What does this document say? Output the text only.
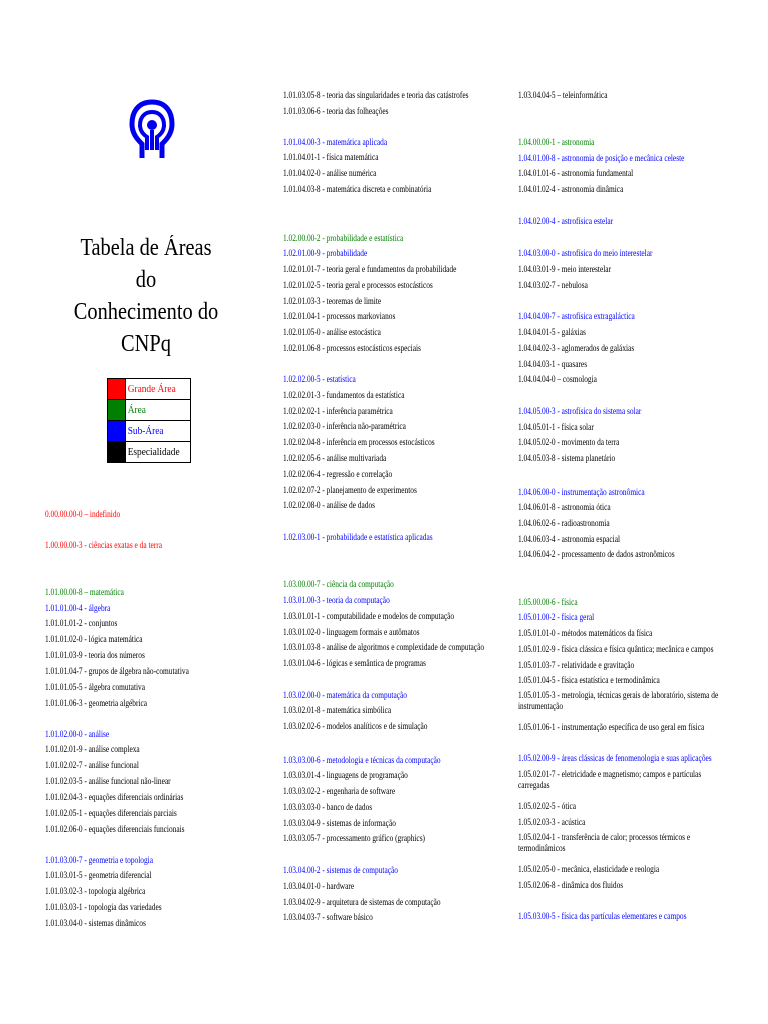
Tabela de Áreas do
Conhecimento do CNPq
Grande Área
Área
Sub-Área
Especialidade
0.00.00.00-0 – indefinido
1.00.00.00-3 - ciências exatas e da terra
1.01.00.00-8 – matemática
1.01.01.00-4 - álgebra
1.01.01.01-2 - conjuntos
1.01.01.02-0 - lógica matemática
1.01.01.03-9 - teoria dos números
1.01.01.04-7 - grupos de álgebra não-comutativa
1.01.01.05-5 - álgebra comutativa
1.01.01.06-3 - geometria algébrica
1.01.02.00-0 - análise
1.01.02.01-9 - análise complexa
1.01.02.02-7 - análise funcional
1.01.02.03-5 - análise funcional não-linear
1.01.02.04-3 - equações diferenciais ordinárias
1.01.02.05-1 - equações diferenciais parciais
1.01.02.06-0 - equações diferenciais funcionais
1.01.03.00-7 - geometria e topologia
1.01.03.01-5 - geometria diferencial
1.01.03.02-3 - topologia algébrica
1.01.03.03-1 - topologia das variedades
1.01.03.04-0 - sistemas dinâmicos
1.01.03.05-8 - teoria das singularidades e teoria das catástrofes
1.01.03.06-6 - teoria das folheações
1.01.04.00-3 - matemática aplicada
1.01.04.01-1 - física matemática
1.01.04.02-0 - análise numérica
1.01.04.03-8 - matemática discreta e combinatória
1.02.00.00-2 - probabilidade e estatística
1.02.01.00-9 - probabilidade
1.02.01.01-7 - teoria geral e fundamentos da probabilidade
1.02.01.02-5 - teoria geral e processos estocásticos
1.02.01.03-3 - teoremas de limite
1.02.01.04-1 - processos markovianos
1.02.01.05-0 - análise estocástica
1.02.01.06-8 - processos estocásticos especiais
1.02.02.00-5 - estatística
1.02.02.01-3 - fundamentos da estatística
1.02.02.02-1 - inferência paramétrica
1.02.02.03-0 - inferência não-paramétrica
1.02.02.04-8 - inferência em processos estocásticos
1.02.02.05-6 - análise multivariada
1.02.02.06-4 - regressão e correlação
1.02.02.07-2 - planejamento de experimentos
1.02.02.08-0 - análise de dados
1.02.03.00-1 - probabilidade e estatística aplicadas
1.03.00.00-7 - ciência da computação
1.03.01.00-3 - teoria da computação
1.03.01.01-1 - computabilidade e modelos de computação
1.03.01.02-0 - linguagem formais e autômatos
1.03.01.03-8 - análise de algoritmos e complexidade de computação
1.03.01.04-6 - lógicas e semântica de programas
1.03.02.00-0 - matemática da computação
1.03.02.01-8 - matemática simbólica
1.03.02.02-6 - modelos analíticos e de simulação
1.03.03.00-6 - metodologia e técnicas da computação
1.03.03.01-4 - linguagens de programação
1.03.03.02-2 - engenharia de software
1.03.03.03-0 - banco de dados
1.03.03.04-9 - sistemas de informação
1.03.03.05-7 - processamento gráfico (graphics)
1.03.04.00-2 - sistemas de computação
1.03.04.01-0 - hardware
1.03.04.02-9 - arquitetura de sistemas de computação
1.03.04.03-7 - software básico
1.03.04.04-5 – teleinformática
1.04.00.00-1 - astronomia
1.04.01.00-8 - astronomia de posição e mecânica celeste
1.04.01.01-6 - astronomia fundamental
1.04.01.02-4 - astronomia dinâmica
1.04.02.00-4 - astrofísica estelar
1.04.03.00-0 - astrofísica do meio interestelar
1.04.03.01-9 - meio interestelar
1.04.03.02-7 - nebulosa
1.04.04.00-7 - astrofísica extragaláctica
1.04.04.01-5 - galáxias
1.04.04.02-3 - aglomerados de galáxias
1.04.04.03-1 - quasares
1.04.04.04-0 – cosmologia
1.04.05.00-3 - astrofísica do sistema solar
1.04.05.01-1 - física solar
1.04.05.02-0 - movimento da terra
1.04.05.03-8 - sistema planetário
1.04.06.00-0 - instrumentação astronômica
1.04.06.01-8 - astronomia ótica
1.04.06.02-6 - radioastronomia
1.04.06.03-4 - astronomia espacial
1.04.06.04-2 - processamento de dados astronômicos
1.05.00.00-6 - física
1.05.01.00-2 - física geral
1.05.01.01-0 - métodos matemáticos da física
1.05.01.02-9 - física clássica e física quântica; mecânica e campos
1.05.01.03-7 - relatividade e gravitação
1.05.01.04-5 - física estatística e termodinâmica
1.05.01.05-3 - metrologia, técnicas gerais de laboratório, sistema de instrumentação
1.05.01.06-1 - instrumentação específica de uso geral em física
1.05.02.00-9 - áreas clássicas de fenomenologia e suas aplicações
1.05.02.01-7 - eletricidade e magnetismo; campos e partículas carregadas
1.05.02.02-5 - ótica
1.05.02.03-3 - acústica
1.05.02.04-1 - transferência de calor; processos térmicos e termodinâmicos
1.05.02.05-0 - mecânica, elasticidade e reologia
1.05.02.06-8 - dinâmica dos fluidos
1.05.03.00-5 - física das partículas elementares e campos
